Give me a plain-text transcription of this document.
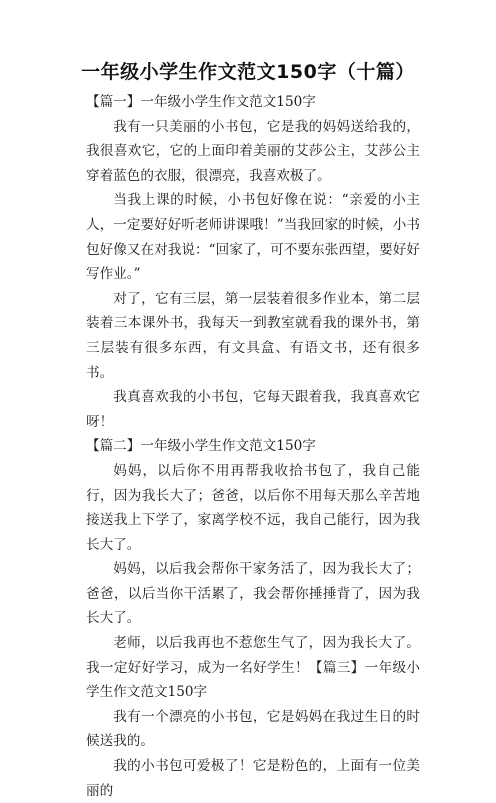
一年级小学生作文范文150字（十篇）

【篇一】一年级小学生作文范文150字

我有一只美丽的小书包，它是我的妈妈送给我的，我很喜欢它，它的上面印着美丽的艾莎公主，艾莎公主穿着蓝色的衣服，很漂亮，我喜欢极了。

当我上课的时候，小书包好像在说：“亲爱的小主人，一定要好好听老师讲课哦！”当我回家的时候，小书包好像又在对我说：“回家了，可不要东张西望，要好好写作业。”

对了，它有三层，第一层装着很多作业本，第二层装着三本课外书，我每天一到教室就看我的课外书，第三层装有很多东西，有文具盒、有语文书，还有很多书。

我真喜欢我的小书包，它每天跟着我，我真喜欢它呀！

【篇二】一年级小学生作文范文150字

妈妈，以后你不用再帮我收拾书包了，我自己能行，因为我长大了；爸爸，以后你不用每天那么辛苦地接送我上下学了，家离学校不远，我自己能行，因为我长大了。

妈妈，以后我会帮你干家务活了，因为我长大了；爸爸，以后当你干活累了，我会帮你捶捶背了，因为我长大了。

老师，以后我再也不惹您生气了，因为我长大了。我一定好好学习，成为一名好学生！【篇三】一年级小学生作文范文150字

我有一个漂亮的小书包，它是妈妈在我过生日的时候送我的。

我的小书包可爱极了！它是粉色的，上面有一位美丽的
